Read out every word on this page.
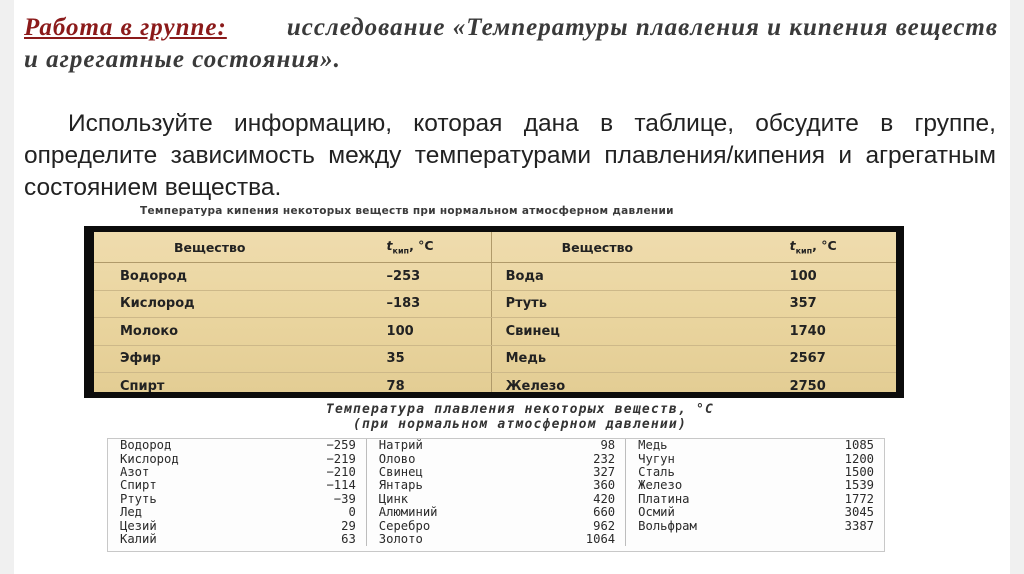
Работа в группе: исследование «Температуры плавления и кипения веществ и агрегатные состояния».
Используйте информацию, которая дана в таблице, обсудите в группе, определите зависимость между температурами плавления/кипения и агрегатным состоянием вещества.
Температура кипения некоторых веществ при нормальном атмосферном давлении
Вещество	$t_{кип}$, °С	Вещество	$t_{кип}$, °С
Водород	–253	Вода	100
Кислород	–183	Ртуть	357
Молоко	100	Свинец	1740
Эфир	35	Медь	2567
Спирт	78	Железо	2750
Температура плавления некоторых веществ, °С
(при нормальном атмосферном давлении)
Водород	−259	Натрий	98	Медь	1085
Кислород	−219	Олово	232	Чугун	1200
Азот	−210	Свинец	327	Сталь	1500
Спирт	−114	Янтарь	360	Железо	1539
Ртуть	−39	Цинк	420	Платина	1772
Лед	0	Алюминий	660	Осмий	3045
Цезий	29	Серебро	962	Вольфрам	3387
Калий	63	Золото	1064		
